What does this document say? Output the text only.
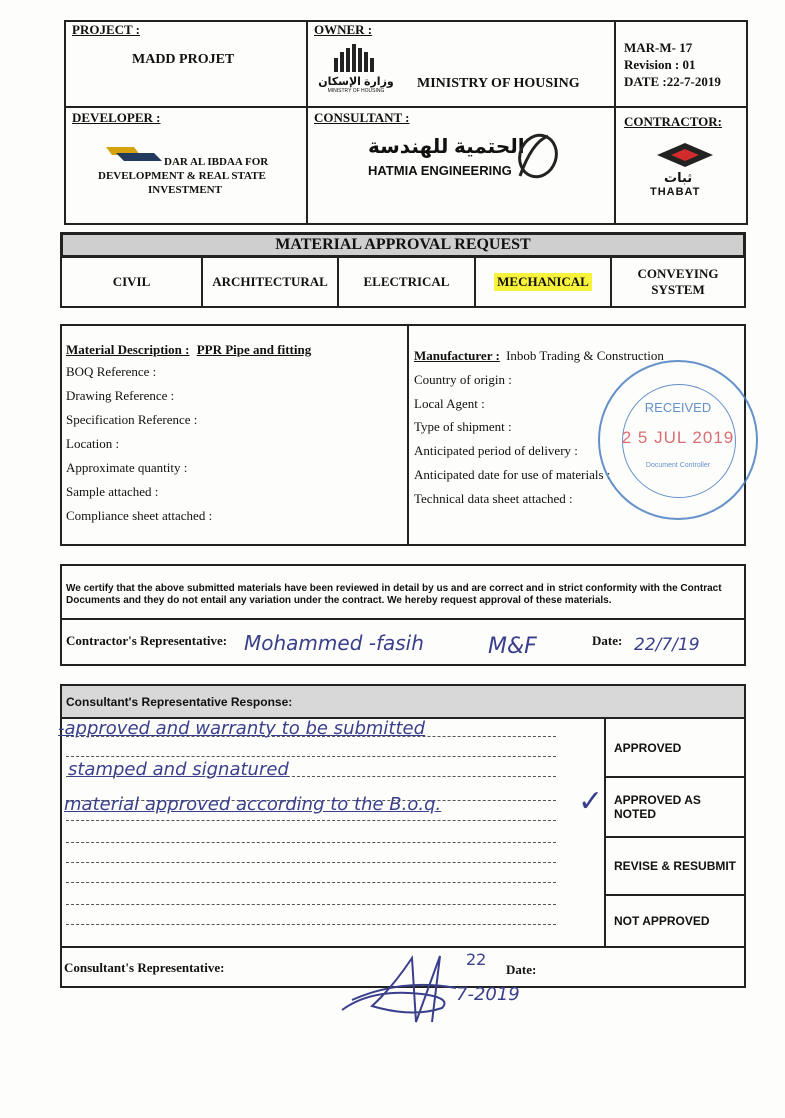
PROJECT :
MADD PROJET
OWNER :
وزارة الإسكان
MINISTRY OF HOUSING	MINISTRY OF HOUSING
MAR-M- 17
Revision : 01
DATE :22-7-2019
DEVELOPER :
DAR AL IBDAA FOR
DEVELOPMENT & REAL STATE
INVESTMENT
CONSULTANT :
الحتمية للهندسة
HATMIA ENGINEERING
CONTRACTOR:
ثبات
THABAT
MATERIAL APPROVAL REQUEST
CIVIL	ARCHITECTURAL	ELECTRICAL	MECHANICAL
CONVEYING SYSTEM
Material Description : PPR Pipe and fitting
BOQ Reference :
Drawing Reference :
Specification Reference :
Location :
Approximate quantity :
Sample attached :
Compliance sheet attached :
Manufacturer : Inbob Trading & Construction
Country of origin :
Local Agent :
Type of shipment :
Anticipated period of delivery :
Anticipated date for use of materials :
Technical data sheet attached :
RECEIVED
2 5 JUL 2019
Document Controller
We certify that the above submitted materials have been reviewed in detail by us and are correct and in strict conformity with the Contract Documents and they do not entail any variation under the contract. We hereby request approval of these materials.
Contractor's Representative: Mohammed -fasih	M&F	Date: 22/7/19
Consultant's Representative Response:
-approved and warranty to be submitted
stamped and signatured
material approved according to the B.o.q.
APPROVED
APPROVED AS NOTED
REVISE & RESUBMIT
NOT APPROVED
✓
Consultant's Representative:	Date:
22
7-2019
